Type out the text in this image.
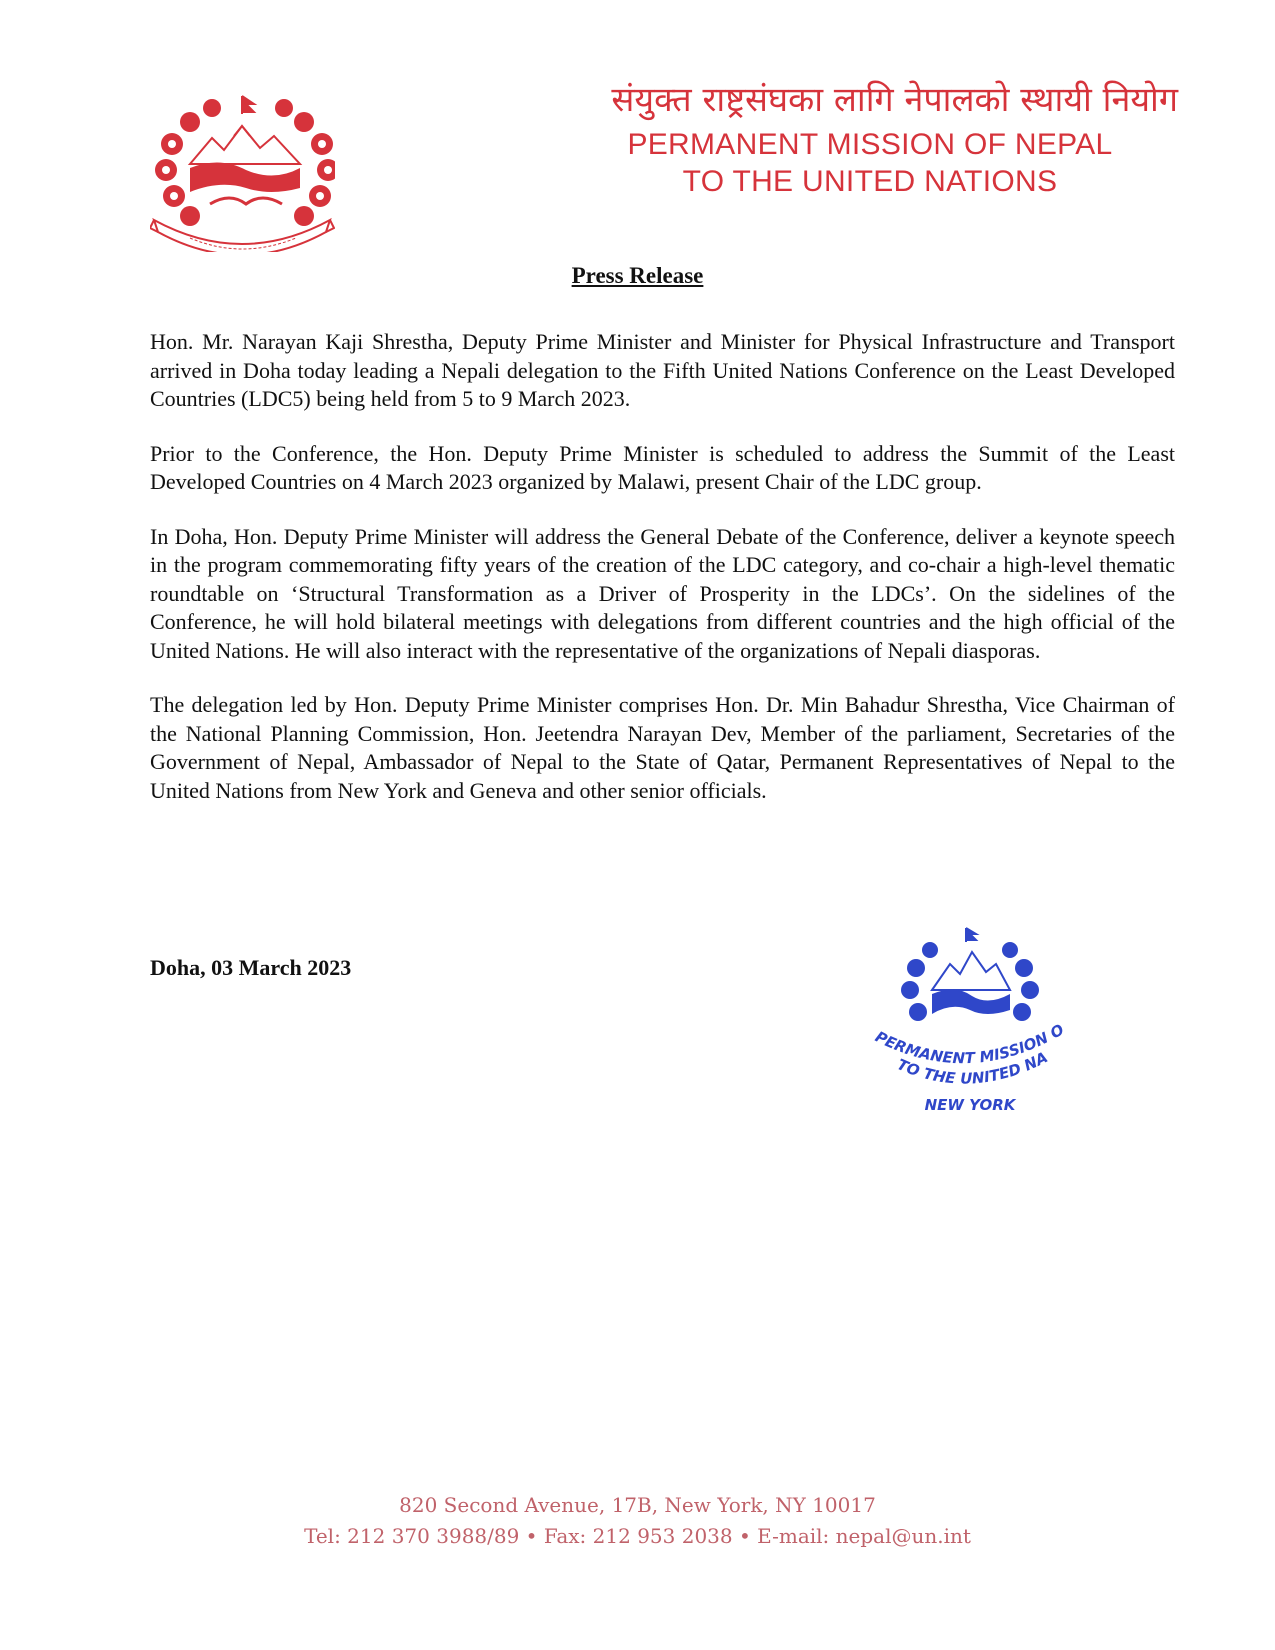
संयुक्त राष्ट्रसंघका लागि नेपालको स्थायी नियोग

PERMANENT MISSION OF NEPAL

TO THE UNITED NATIONS

Press Release

Hon. Mr. Narayan Kaji Shrestha, Deputy Prime Minister and Minister for Physical Infrastructure and Transport arrived in Doha today leading a Nepali delegation to the Fifth United Nations Conference on the Least Developed Countries (LDC5) being held from 5 to 9 March 2023.

Prior to the Conference, the Hon. Deputy Prime Minister is scheduled to address the Summit of the Least Developed Countries on 4 March 2023 organized by Malawi, present Chair of the LDC group.

In Doha, Hon. Deputy Prime Minister will address the General Debate of the Conference, deliver a keynote speech in the program commemorating fifty years of the creation of the LDC category, and co-chair a high-level thematic roundtable on ‘Structural Transformation as a Driver of Prosperity in the LDCs’. On the sidelines of the Conference, he will hold bilateral meetings with delegations from different countries and the high official of the United Nations. He will also interact with the representative of the organizations of Nepali diasporas.

The delegation led by Hon. Deputy Prime Minister comprises Hon. Dr. Min Bahadur Shrestha, Vice Chairman of the National Planning Commission, Hon. Jeetendra Narayan Dev, Member of the parliament, Secretaries of the Government of Nepal, Ambassador of Nepal to the State of Qatar, Permanent Representatives of Nepal to the United Nations from New York and Geneva and other senior officials.

Doha, 03 March 2023

PERMANENT MISSION O
TO THE UNITED NA
NEW YORK

820 Second Avenue, 17B, New York, NY 10017

Tel: 212 370 3988/89 • Fax: 212 953 2038 • E-mail: nepal@un.int
